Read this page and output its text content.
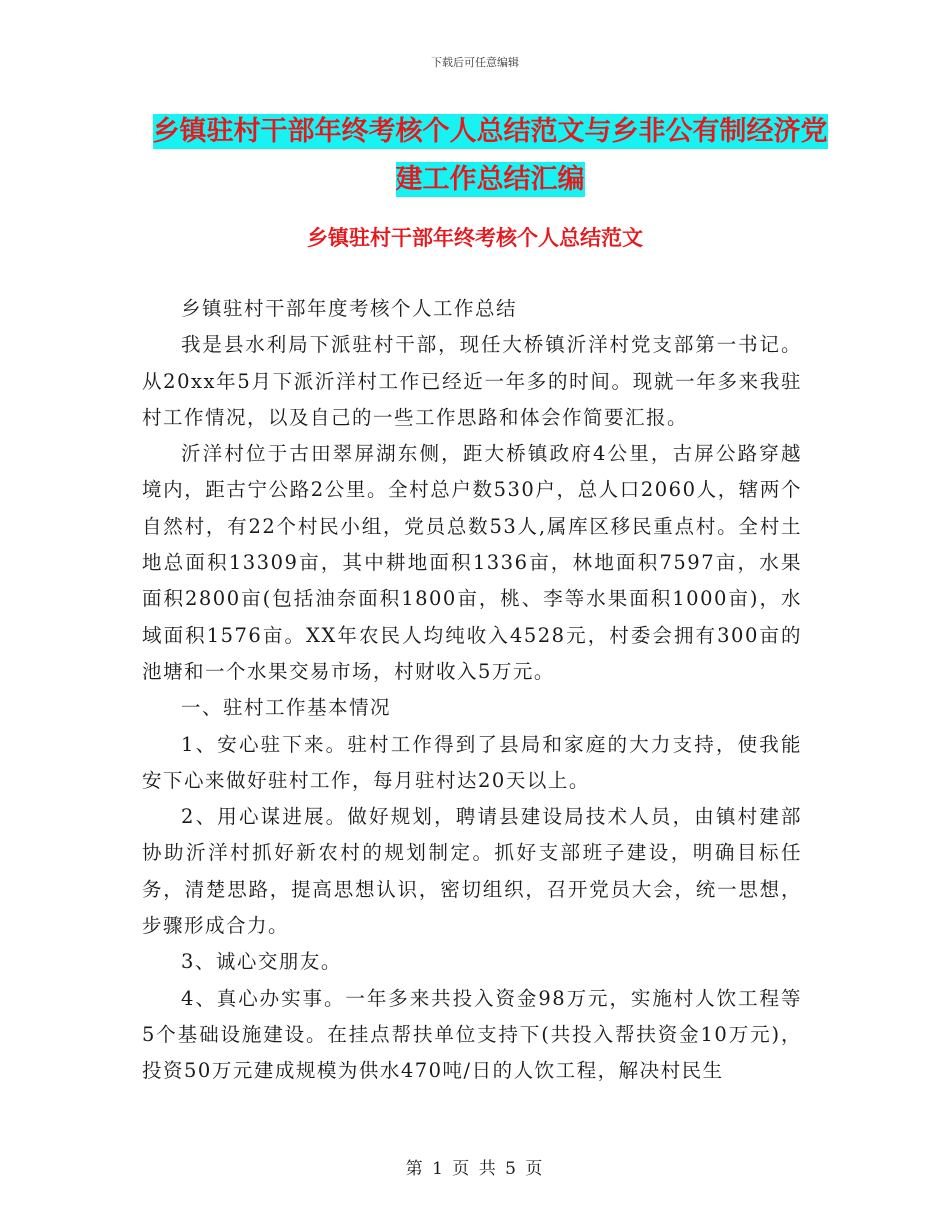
下载后可任意编辑
乡镇驻村干部年终考核个人总结范文与乡非公有制经济党建工作总结汇编
乡镇驻村干部年终考核个人总结范文

乡镇驻村干部年度考核个人工作总结

我是县水利局下派驻村干部，现任大桥镇沂洋村党支部第一书记。从20xx年5月下派沂洋村工作已经近一年多的时间。现就一年多来我驻村工作情况，以及自己的一些工作思路和体会作简要汇报。

沂洋村位于古田翠屏湖东侧，距大桥镇政府4公里，古屏公路穿越境内，距古宁公路2公里。全村总户数530户，总人口2060人，辖两个自然村，有22个村民小组，党员总数53人,属库区移民重点村。全村土地总面积13309亩，其中耕地面积1336亩，林地面积7597亩，水果面积2800亩(包括油奈面积1800亩，桃、李等水果面积1000亩)，水域面积1576亩。XX年农民人均纯收入4528元，村委会拥有300亩的池塘和一个水果交易市场，村财收入5万元。

一、驻村工作基本情况

1、安心驻下来。驻村工作得到了县局和家庭的大力支持，使我能安下心来做好驻村工作，每月驻村达20天以上。

2、用心谋进展。做好规划，聘请县建设局技术人员，由镇村建部协助沂洋村抓好新农村的规划制定。抓好支部班子建设，明确目标任务，清楚思路，提高思想认识，密切组织，召开党员大会，统一思想，步骤形成合力。

3、诚心交朋友。

4、真心办实事。一年多来共投入资金98万元，实施村人饮工程等5个基础设施建设。在挂点帮扶单位支持下(共投入帮扶资金10万元)，投资50万元建成规模为供水470吨/日的人饮工程，解决村民生

第 1 页 共 5 页
